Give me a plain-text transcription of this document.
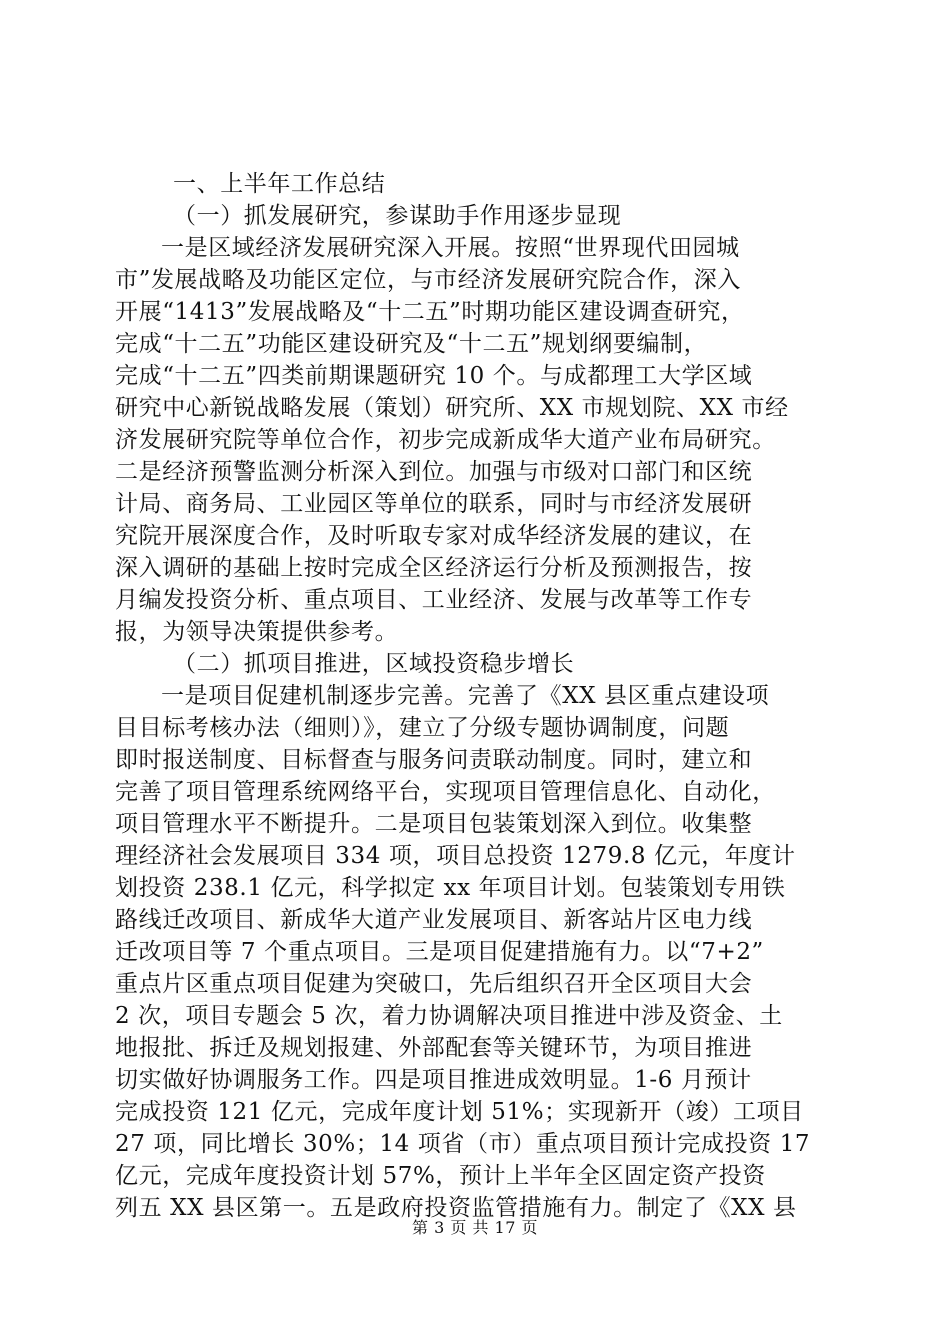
一、上半年工作总结
（一）抓发展研究，参谋助手作用逐步显现
一是区域经济发展研究深入开展。按照“世界现代田园城
市”发展战略及功能区定位，与市经济发展研究院合作，深入
开展“1413”发展战略及“十二五”时期功能区建设调查研究，
完成“十二五”功能区建设研究及“十二五”规划纲要编制，
完成“十二五”四类前期课题研究 10 个。与成都理工大学区域
研究中心新锐战略发展（策划）研究所、XX 市规划院、XX 市经
济发展研究院等单位合作，初步完成新成华大道产业布局研究。
二是经济预警监测分析深入到位。加强与市级对口部门和区统
计局、商务局、工业园区等单位的联系，同时与市经济发展研
究院开展深度合作，及时听取专家对成华经济发展的建议，在
深入调研的基础上按时完成全区经济运行分析及预测报告，按
月编发投资分析、重点项目、工业经济、发展与改革等工作专
报，为领导决策提供参考。
（二）抓项目推进，区域投资稳步增长
一是项目促建机制逐步完善。完善了《XX 县区重点建设项
目目标考核办法（细则）》，建立了分级专题协调制度，问题
即时报送制度、目标督查与服务问责联动制度。同时，建立和
完善了项目管理系统网络平台，实现项目管理信息化、自动化，
项目管理水平不断提升。二是项目包装策划深入到位。收集整
理经济社会发展项目 334 项，项目总投资 1279.8 亿元，年度计
划投资 238.1 亿元，科学拟定 xx 年项目计划。包装策划专用铁
路线迁改项目、新成华大道产业发展项目、新客站片区电力线
迁改项目等 7 个重点项目。三是项目促建措施有力。以“7+2”
重点片区重点项目促建为突破口，先后组织召开全区项目大会
2 次，项目专题会 5 次，着力协调解决项目推进中涉及资金、土
地报批、拆迁及规划报建、外部配套等关键环节，为项目推进
切实做好协调服务工作。四是项目推进成效明显。1-6 月预计
完成投资 121 亿元，完成年度计划 51%；实现新开（竣）工项目
27 项，同比增长 30%；14 项省（市）重点项目预计完成投资 17
亿元，完成年度投资计划 57%，预计上半年全区固定资产投资
列五 XX 县区第一。五是政府投资监管措施有力。制定了《XX 县
第 3 页 共 17 页
